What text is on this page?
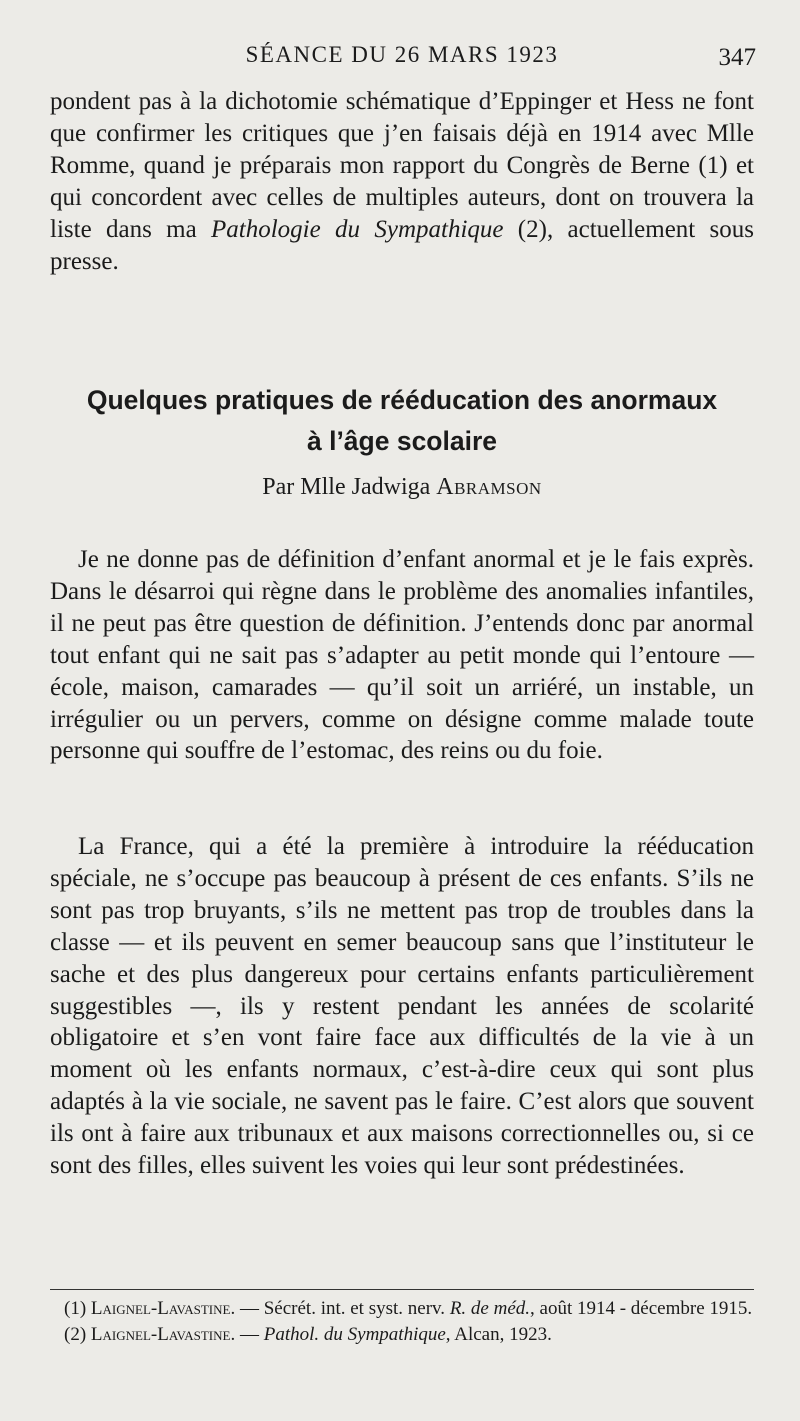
SÉANCE DU 26 MARS 1923	347

pondent pas à la dichotomie schématique d’Eppinger et Hess ne font que confirmer les critiques que j’en faisais déjà en 1914 avec Mlle Romme, quand je préparais mon rapport du Congrès de Berne (1) et qui concordent avec celles de multiples auteurs, dont on trouvera la liste dans ma Pathologie du Sympathique (2), actuellement sous presse.

Quelques pratiques de rééducation des anormaux
à l’âge scolaire
Par Mlle Jadwiga Abramson

Je ne donne pas de définition d’enfant anormal et je le fais exprès. Dans le désarroi qui règne dans le problème des anomalies infantiles, il ne peut pas être question de définition. J’entends donc par anormal tout enfant qui ne sait pas s’adapter au petit monde qui l’entoure — école, maison, camarades — qu’il soit un arriéré, un instable, un irrégulier ou un pervers, comme on désigne comme malade toute personne qui souffre de l’estomac, des reins ou du foie.

La France, qui a été la première à introduire la rééducation spéciale, ne s’occupe pas beaucoup à présent de ces enfants. S’ils ne sont pas trop bruyants, s’ils ne mettent pas trop de troubles dans la classe — et ils peuvent en semer beaucoup sans que l’instituteur le sache et des plus dangereux pour certains enfants particulièrement suggestibles —, ils y restent pendant les années de scolarité obligatoire et s’en vont faire face aux difficultés de la vie à un moment où les enfants normaux, c’est-à-dire ceux qui sont plus adaptés à la vie sociale, ne savent pas le faire. C’est alors que souvent ils ont à faire aux tribunaux et aux maisons correctionnelles ou, si ce sont des filles, elles suivent les voies qui leur sont prédestinées.

(1) Laignel-Lavastine. — Sécrét. int. et syst. nerv. R. de méd., août 1914 - décembre 1915.

(2) Laignel-Lavastine. — Pathol. du Sympathique, Alcan, 1923.
